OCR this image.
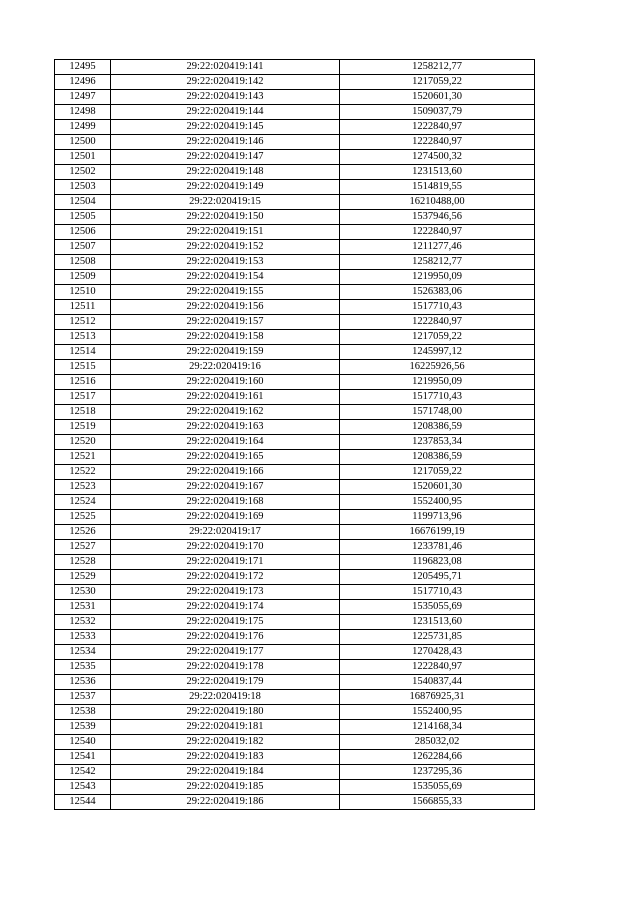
12495	29:22:020419:141	1258212,77
12496	29:22:020419:142	1217059,22
12497	29:22:020419:143	1520601,30
12498	29:22:020419:144	1509037,79
12499	29:22:020419:145	1222840,97
12500	29:22:020419:146	1222840,97
12501	29:22:020419:147	1274500,32
12502	29:22:020419:148	1231513,60
12503	29:22:020419:149	1514819,55
12504	29:22:020419:15	16210488,00
12505	29:22:020419:150	1537946,56
12506	29:22:020419:151	1222840,97
12507	29:22:020419:152	1211277,46
12508	29:22:020419:153	1258212,77
12509	29:22:020419:154	1219950,09
12510	29:22:020419:155	1526383,06
12511	29:22:020419:156	1517710,43
12512	29:22:020419:157	1222840,97
12513	29:22:020419:158	1217059,22
12514	29:22:020419:159	1245997,12
12515	29:22:020419:16	16225926,56
12516	29:22:020419:160	1219950,09
12517	29:22:020419:161	1517710,43
12518	29:22:020419:162	1571748,00
12519	29:22:020419:163	1208386,59
12520	29:22:020419:164	1237853,34
12521	29:22:020419:165	1208386,59
12522	29:22:020419:166	1217059,22
12523	29:22:020419:167	1520601,30
12524	29:22:020419:168	1552400,95
12525	29:22:020419:169	1199713,96
12526	29:22:020419:17	16676199,19
12527	29:22:020419:170	1233781,46
12528	29:22:020419:171	1196823,08
12529	29:22:020419:172	1205495,71
12530	29:22:020419:173	1517710,43
12531	29:22:020419:174	1535055,69
12532	29:22:020419:175	1231513,60
12533	29:22:020419:176	1225731,85
12534	29:22:020419:177	1270428,43
12535	29:22:020419:178	1222840,97
12536	29:22:020419:179	1540837,44
12537	29:22:020419:18	16876925,31
12538	29:22:020419:180	1552400,95
12539	29:22:020419:181	1214168,34
12540	29:22:020419:182	285032,02
12541	29:22:020419:183	1262284,66
12542	29:22:020419:184	1237295,36
12543	29:22:020419:185	1535055,69
12544	29:22:020419:186	1566855,33
